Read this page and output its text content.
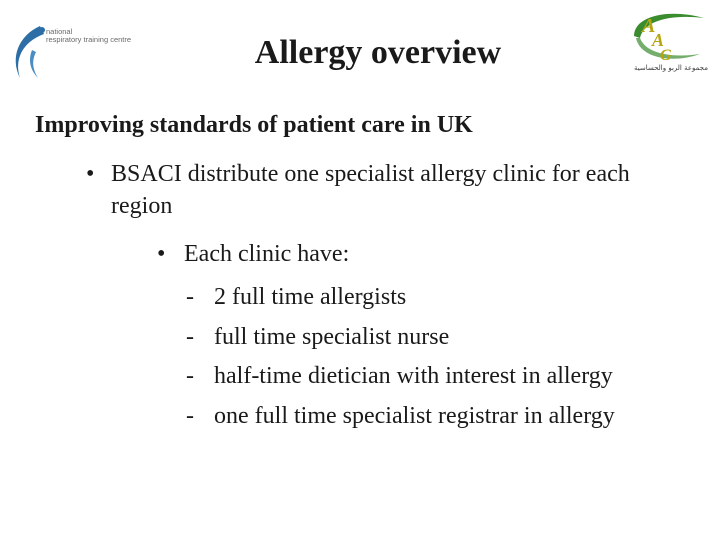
national
respiratory training centre
A
A
G
مجموعة الربو والحساسية
Allergy overview
Improving standards of patient care in UK
• BSACI distribute one specialist allergy clinic for each region
• Each clinic have:
- 2 full time allergists
- full time specialist nurse
- half-time dietician with interest in allergy
- one full time specialist registrar in allergy
